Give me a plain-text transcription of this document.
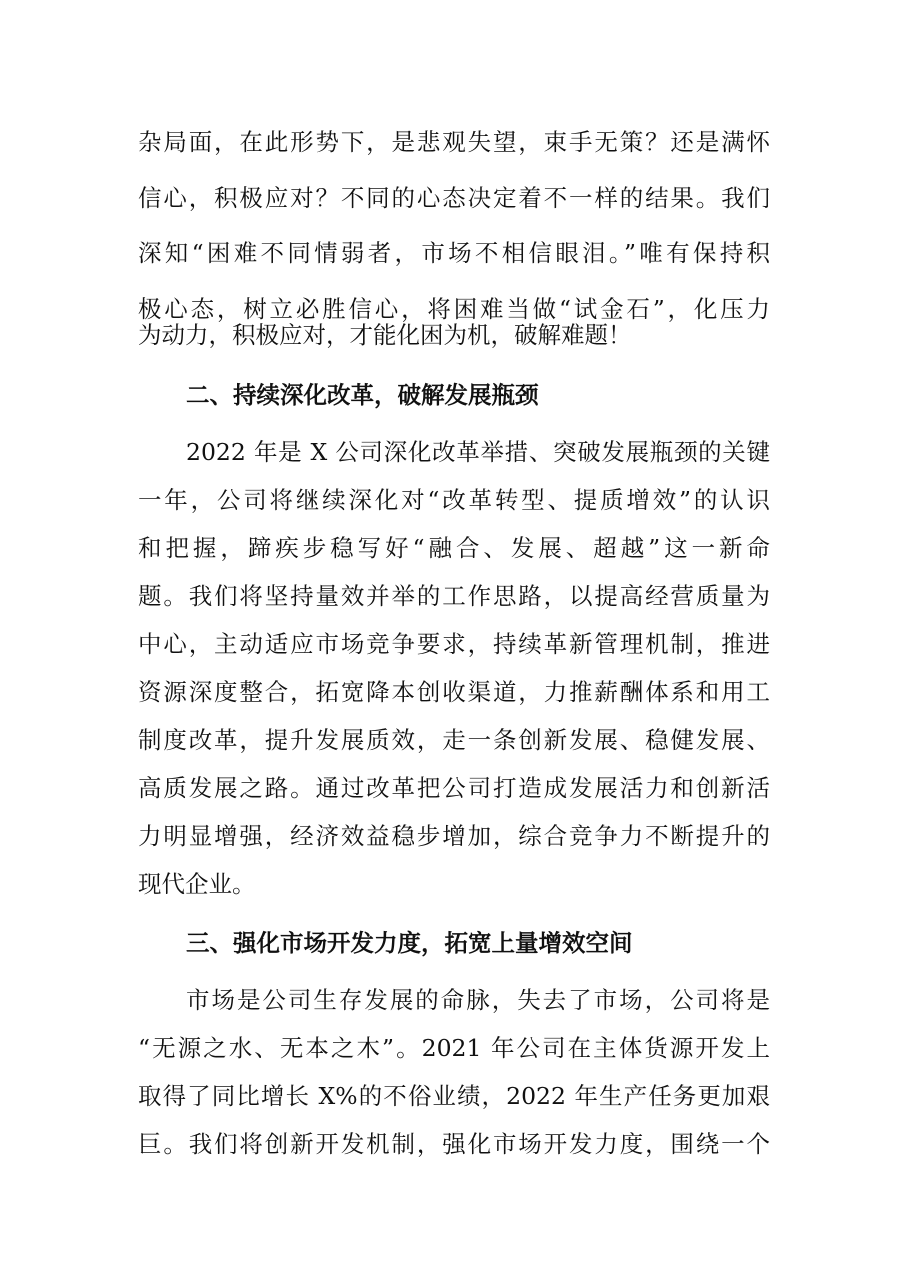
杂局面，在此形势下，是悲观失望，束手无策？还是满怀
信心，积极应对？不同的心态决定着不一样的结果。我们
深知“困难不同情弱者，市场不相信眼泪。”唯有保持积
极心态，树立必胜信心，将困难当做“试金石”，化压力
为动力，积极应对，才能化困为机，破解难题！
二、持续深化改革，破解发展瓶颈
2022 年是 X 公司深化改革举措、突破发展瓶颈的关键
一年，公司将继续深化对“改革转型、提质增效”的认识
和把握，蹄疾步稳写好“融合、发展、超越”这一新命
题。我们将坚持量效并举的工作思路，以提高经营质量为
中心，主动适应市场竞争要求，持续革新管理机制，推进
资源深度整合，拓宽降本创收渠道，力推薪酬体系和用工
制度改革，提升发展质效，走一条创新发展、稳健发展、
高质发展之路。通过改革把公司打造成发展活力和创新活
力明显增强，经济效益稳步增加，综合竞争力不断提升的
现代企业。
三、强化市场开发力度，拓宽上量增效空间
市场是公司生存发展的命脉，失去了市场，公司将是
“无源之水、无本之木”。2021 年公司在主体货源开发上
取得了同比增长 X%的不俗业绩，2022 年生产任务更加艰
巨。我们将创新开发机制，强化市场开发力度，围绕一个
